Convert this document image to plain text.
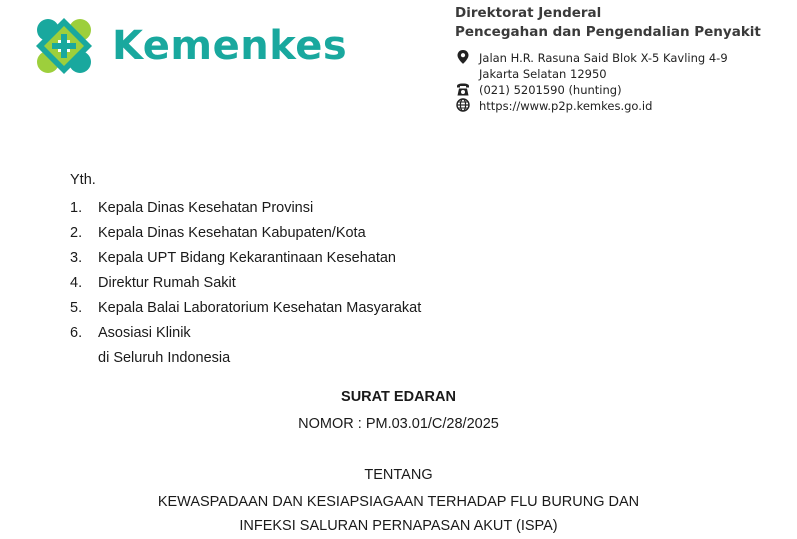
Kemenkes
Direktorat Jenderal
Pencegahan dan Pengendalian Penyakit
Jalan H.R. Rasuna Said Blok X-5 Kavling 4-9
Jakarta Selatan 12950
(021) 5201590 (hunting)
https://www.p2p.kemkes.go.id
Yth.
1.	Kepala Dinas Kesehatan Provinsi
2.	Kepala Dinas Kesehatan Kabupaten/Kota
3.	Kepala UPT Bidang Kekarantinaan Kesehatan
4.	Direktur Rumah Sakit
5.	Kepala Balai Laboratorium Kesehatan Masyarakat
6.	Asosiasi Klinik
di Seluruh Indonesia
SURAT EDARAN
NOMOR : PM.03.01/C/28/2025
TENTANG
KEWASPADAAN DAN KESIAPSIAGAAN TERHADAP FLU BURUNG DAN
INFEKSI SALURAN PERNAPASAN AKUT (ISPA)
